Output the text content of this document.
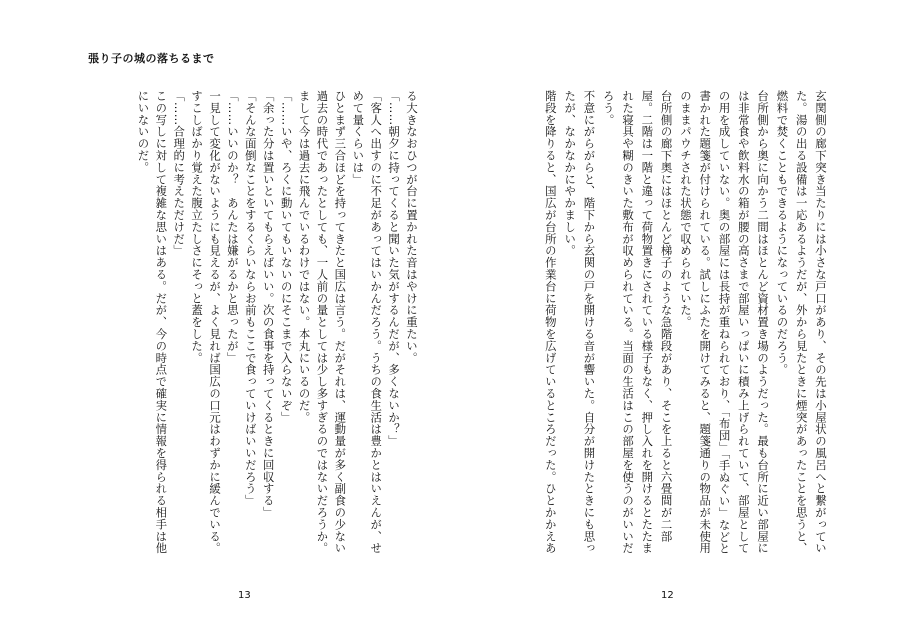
張り子の城の落ちるまで

玄関側の廊下突き当たりには小さな戸口があり、その先は小屋状の風呂へと繋がっていた。湯の出る設備は一応あるようだが、外から見たときに煙突があったことを思うと、燃料で焚くこともできるようになっているのだろう。

台所側から奥に向かう二間はほとんど資材置き場のようだった。最も台所に近い部屋には非常食や飲料水の箱が腰の高さまで部屋いっぱいに積み上げられていて、部屋としての用を成していない。奥の部屋には長持が重ねられており、「布団」「手ぬぐい」などと書かれた題箋が付けられている。試しにふたを開けてみると、題箋通りの物品が未使用のままパウチされた状態で収められていた。

台所側の廊下奥にはほとんど梯子のような急階段があり、そこを上ると六畳間が二部屋。二階は一階と違って荷物置きにされている様子もなく、押し入れを開けるとたたまれた寝具や糊のきいた敷布が収められている。当面の生活はこの部屋を使うのがいいだろう。

不意にがらがらと、階下から玄関の戸を開ける音が響いた。自分が開けたときにも思ったが、なかなかにやかましい。

階段を降りると、国広が台所の作業台に荷物を広げているところだった。ひとかかえあ

る大きなおひつが台に置かれた音はやけに重たい。

「……朝夕に持ってくると聞いた気がするんだが、多くないか？」

「客人へ出すのに不足があってはいかんだろう。うちの食生活は豊かとはいえんが、せめて量くらいは」

ひとまず三合ほどを持ってきたと国広は言う。だがそれは、運動量が多く副食の少ない過去の時代であったとしても、一人前の量としては少し多すぎるのではないだろうか。まして今は過去に飛んでいるわけではない。本丸にいるのだ。

「……いや、ろくに動いてもいないのにそこまで入らないぞ」

「余った分は置いといてもらえばいい。次の食事を持ってくるときに回収する」

「そんな面倒なことをするくらいならお前もここで食っていけばいいだろう」

「……いいのか？　あんたは嫌がるかと思ったが」

一見して変化がないようにも見えるが、よく見れば国広の口元はわずかに緩んでいる。すこしばかり覚えた腹立たしさにそっと蓋をした。

「……合理的に考えただけだ」

この写しに対して複雑な思いはある。だが、今の時点で確実に情報を得られる相手は他にいないのだ。

13	12
